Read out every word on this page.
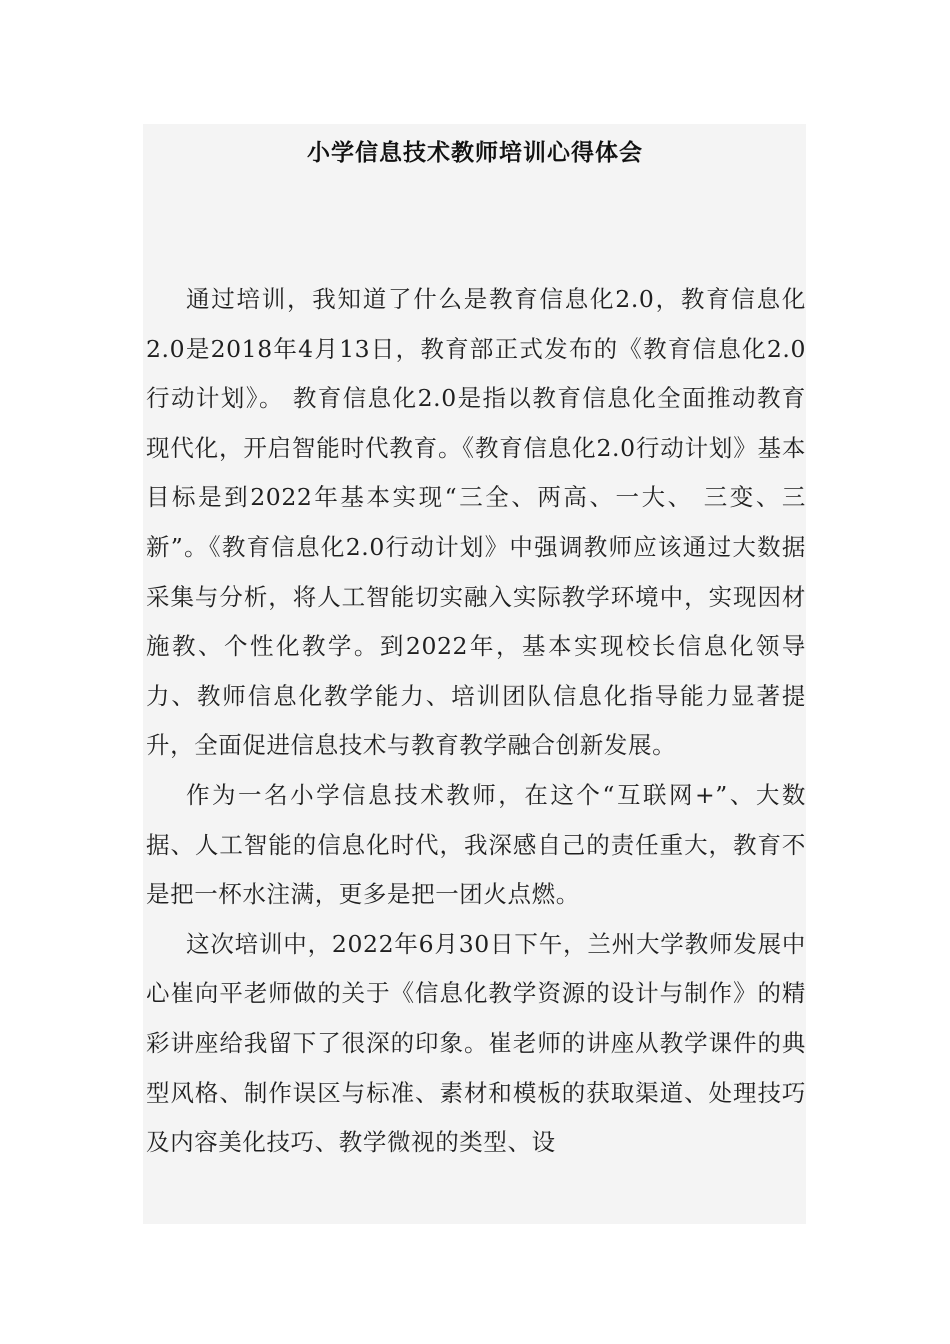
小学信息技术教师培训心得体会

通过培训，我知道了什么是教育信息化2.0，教育信息化2.0是2018年4月13日，教育部正式发布的《教育信息化2.0行动计划》。 教育信息化2.0是指以教育信息化全面推动教育现代化，开启智能时代教育。《教育信息化2.0行动计划》基本目标是到2022年基本实现“三全、两高、一大、 三变、三新”。《教育信息化2.0行动计划》中强调教师应该通过大数据采集与分析，将人工智能切实融入实际教学环境中，实现因材施教、个性化教学。到2022年，基本实现校长信息化领导力、教师信息化教学能力、培训团队信息化指导能力显著提升，全面促进信息技术与教育教学融合创新发展。

作为一名小学信息技术教师，在这个“互联网+”、大数据、人工智能的信息化时代，我深感自己的责任重大，教育不是把一杯水注满，更多是把一团火点燃。

这次培训中，2022年6月30日下午，兰州大学教师发展中心崔向平老师做的关于《信息化教学资源的设计与制作》的精彩讲座给我留下了很深的印象。崔老师的讲座从教学课件的典型风格、制作误区与标准、素材和模板的获取渠道、处理技巧及内容美化技巧、教学微视的类型、设
